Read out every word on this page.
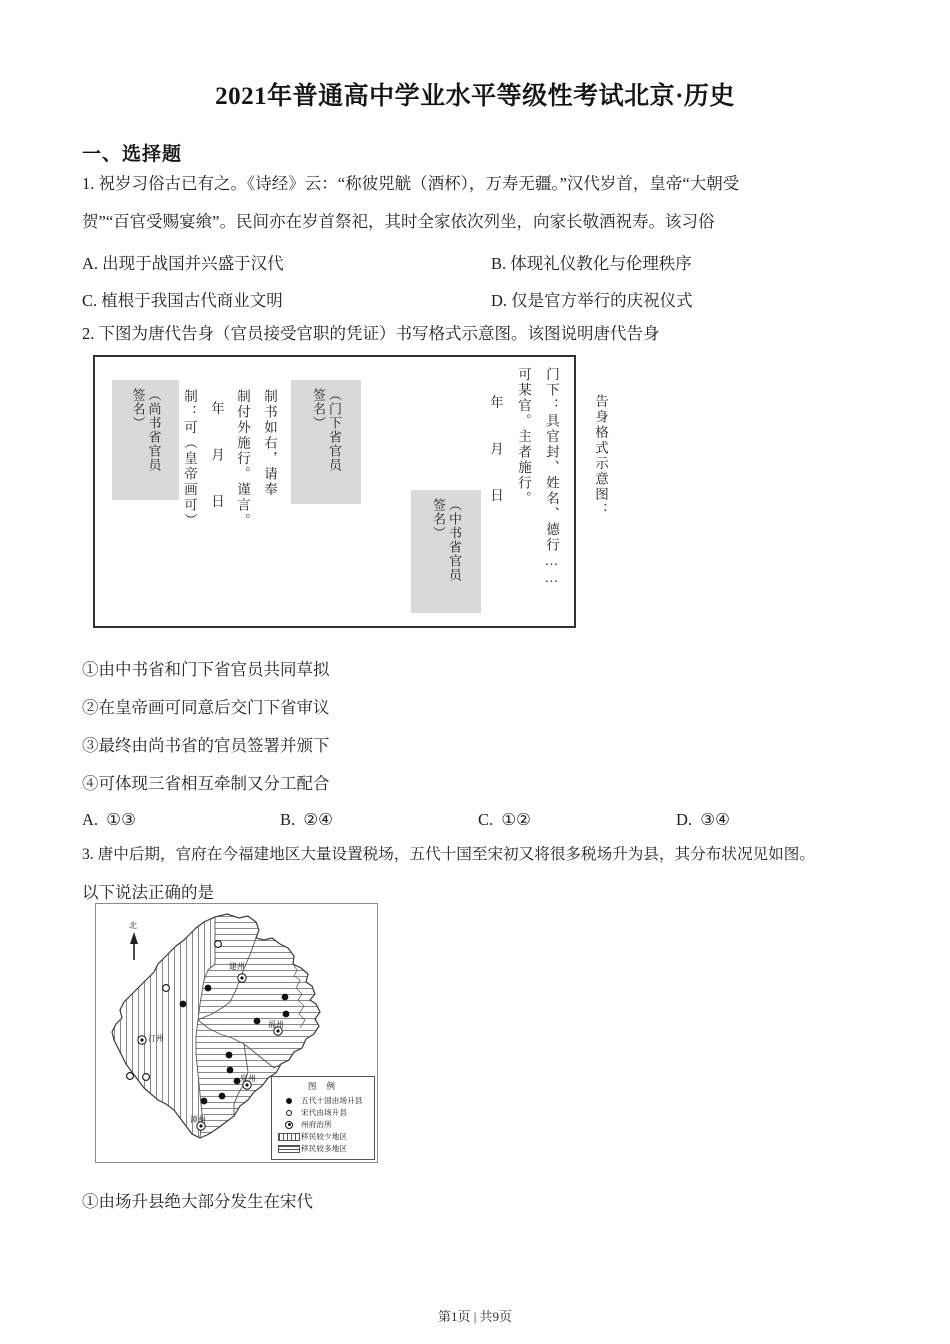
2021年普通高中学业水平等级性考试北京·历史
一、选择题
1. 祝岁习俗古已有之。《诗经》云：“称彼兕觥（酒杯），万寿无疆。”汉代岁首，皇帝“大朝受
贺”“百官受赐宴飨”。民间亦在岁首祭祀，其时全家依次列坐，向家长敬酒祝寿。该习俗
A. 出现于战国并兴盛于汉代	B. 体现礼仪教化与伦理秩序
C. 植根于我国古代商业文明	D. 仅是官方举行的庆祝仪式
2. 下图为唐代告身（官员接受官职的凭证）书写格式示意图。该图说明唐代告身
门下：具官封、姓名、德行……
可某官。主者施行。
年 月 日
签名） （中书省官员
签名） （门下省官员
制书如右，请奉
制付外施行。谨言。
年 月 日
制：可（皇帝画可）
签名） （尚书省官员	告身格式示意图：
①由中书省和门下省官员共同草拟
②在皇帝画可同意后交门下省审议
③最终由尚书省的官员签署并颁下
④可体现三省相互牵制又分工配合
A. ①③	B. ②④	C. ①②	D. ③④
3. 唐中后期，官府在今福建地区大量设置税场，五代十国至宋初又将很多税场升为县，其分布状况见如图。
以下说法正确的是
北
建州
汀州
福州
泉州
漳州
图 例
五代十国由场升县
宋代由场升县
州府治所
移民较少地区
移民较多地区
①由场升县绝大部分发生在宋代
第1页 | 共9页
